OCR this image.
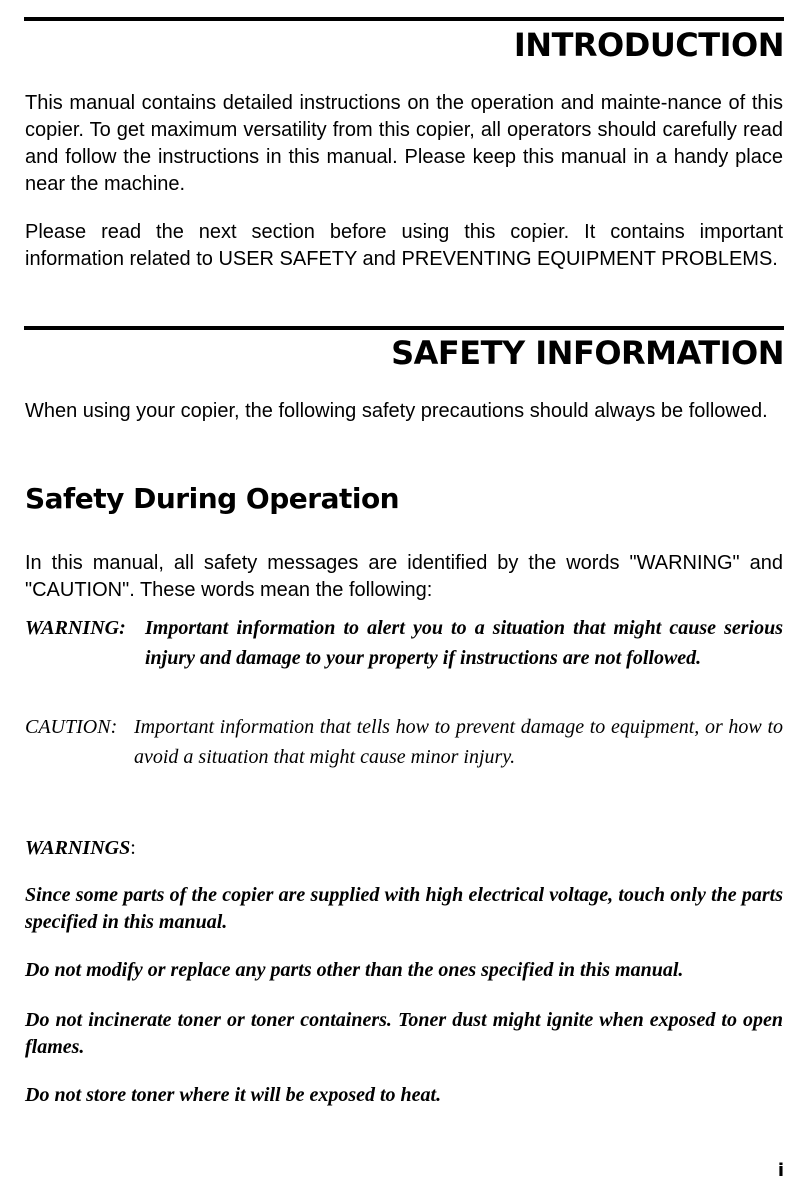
INTRODUCTION
This manual contains detailed instructions on the operation and mainte-nance of this copier. To get maximum versatility from this copier, all operators should carefully read and follow the instructions in this manual. Please keep this manual in a handy place near the machine.
Please read the next section before using this copier. It contains important information related to USER SAFETY and PREVENTING EQUIPMENT PROBLEMS.
SAFETY INFORMATION
When using your copier, the following safety precautions should always be followed.
Safety During Operation
In this manual, all safety messages are identified by the words "WARNING" and "CAUTION". These words mean the following:
WARNING: Important information to alert you to a situation that might cause serious injury and damage to your property if instructions are not followed.
CAUTION: Important information that tells how to prevent damage to equipment, or how to avoid a situation that might cause minor injury.
WARNINGS:
Since some parts of the copier are supplied with high electrical voltage, touch only the parts specified in this manual.
Do not modify or replace any parts other than the ones specified in this manual.
Do not incinerate toner or toner containers. Toner dust might ignite when exposed to open flames.
Do not store toner where it will be exposed to heat.
i
